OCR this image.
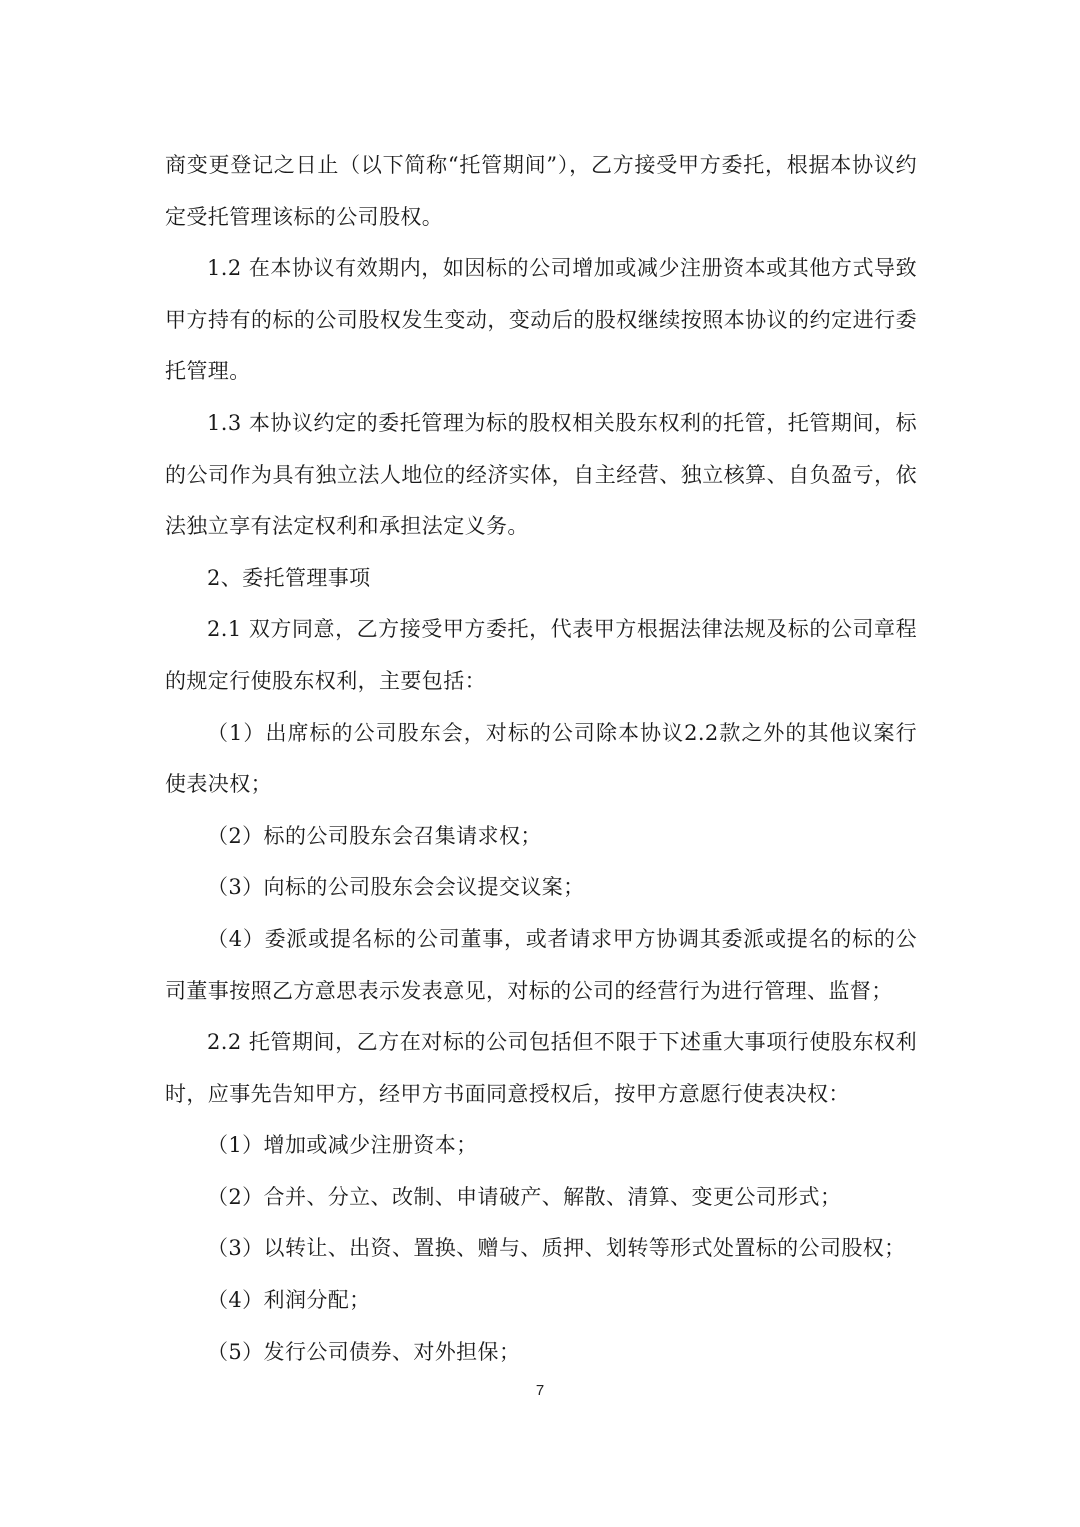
商变更登记之日止（以下简称“托管期间”），乙方接受甲方委托，根据本协议约定受托管理该标的公司股权。

1.2 在本协议有效期内，如因标的公司增加或减少注册资本或其他方式导致甲方持有的标的公司股权发生变动，变动后的股权继续按照本协议的约定进行委托管理。

1.3 本协议约定的委托管理为标的股权相关股东权利的托管，托管期间，标的公司作为具有独立法人地位的经济实体，自主经营、独立核算、自负盈亏，依法独立享有法定权利和承担法定义务。

2、委托管理事项

2.1 双方同意，乙方接受甲方委托，代表甲方根据法律法规及标的公司章程的规定行使股东权利，主要包括：

（1）出席标的公司股东会，对标的公司除本协议2.2款之外的其他议案行使表决权；

（2）标的公司股东会召集请求权；

（3）向标的公司股东会会议提交议案；

（4）委派或提名标的公司董事，或者请求甲方协调其委派或提名的标的公司董事按照乙方意思表示发表意见，对标的公司的经营行为进行管理、监督；

2.2 托管期间，乙方在对标的公司包括但不限于下述重大事项行使股东权利时，应事先告知甲方，经甲方书面同意授权后，按甲方意愿行使表决权：

（1）增加或减少注册资本；

（2）合并、分立、改制、申请破产、解散、清算、变更公司形式；

（3）以转让、出资、置换、赠与、质押、划转等形式处置标的公司股权；

（4）利润分配；

（5）发行公司债券、对外担保；

7
